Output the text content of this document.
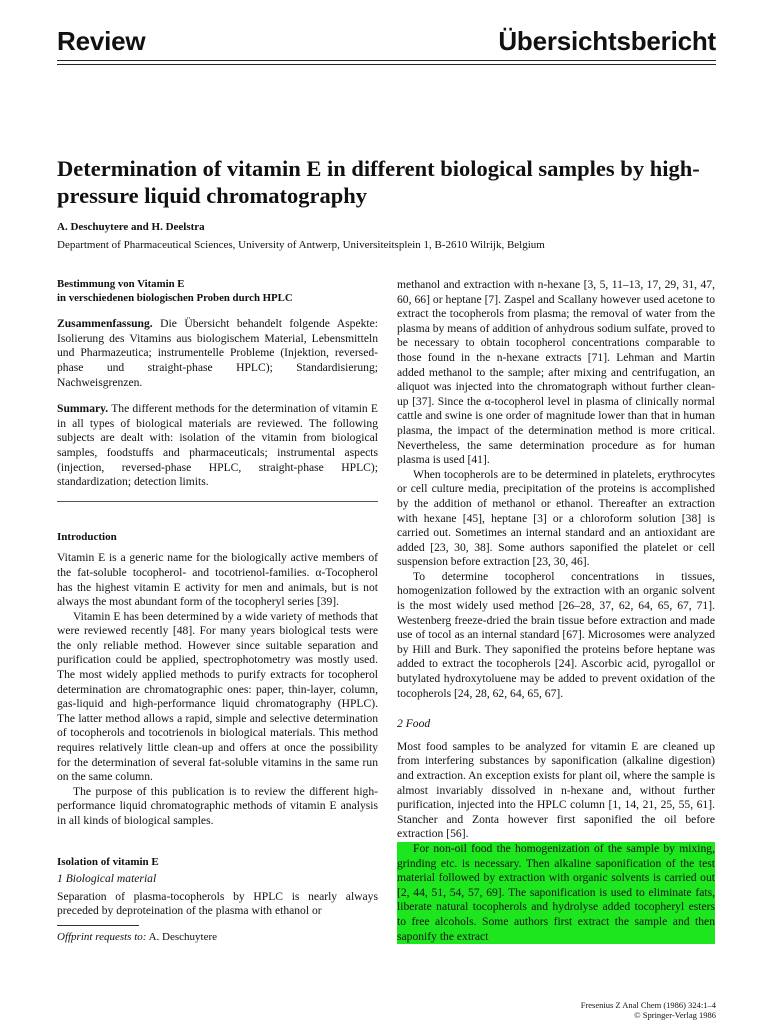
Review	Übersichtsbericht
Determination of vitamin E in different biological samples by high-pressure liquid chromatography
A. Deschuytere and H. Deelstra
Department of Pharmaceutical Sciences, University of Antwerp, Universiteitsplein 1, B-2610 Wilrijk, Belgium

Bestimmung von Vitamin E

in verschiedenen biologischen Proben durch HPLC

Zusammenfassung. Die Übersicht behandelt folgende Aspekte: Isolierung des Vitamins aus biologischem Material, Lebensmitteln und Pharmazeutica; instrumentelle Probleme (Injektion, reversed-phase und straight-phase HPLC); Standardisierung; Nachweisgrenzen.

Summary. The different methods for the determination of vitamin E in all types of biological materials are reviewed. The following subjects are dealt with: isolation of the vitamin from biological samples, foodstuffs and pharmaceuticals; instrumental aspects (injection, reversed-phase HPLC, straight-phase HPLC); standardization; detection limits.

Introduction

Vitamin E is a generic name for the biologically active members of the fat-soluble tocopherol- and tocotrienol-families. α-Tocopherol has the highest vitamin E activity for men and animals, but is not always the most abundant form of the tocopheryl series [39].

Vitamin E has been determined by a wide variety of methods that were reviewed recently [48]. For many years biological tests were the only reliable method. However since suitable separation and purification could be applied, spectrophotometry was mostly used. The most widely applied methods to purify extracts for tocopherol determination are chromatographic ones: paper, thin-layer, column, gas-liquid and high-performance liquid chromatography (HPLC). The latter method allows a rapid, simple and selective determination of tocopherols and tocotrienols in biological materials. This method requires relatively little clean-up and offers at once the possibility for the determination of several fat-soluble vitamins in the same run on the same column.

The purpose of this publication is to review the different high-performance liquid chromatographic methods of vitamin E analysis in all kinds of biological samples.

Isolation of vitamin E

1 Biological material

Separation of plasma-tocopherols by HPLC is nearly always preceded by deproteination of the plasma with ethanol or

Offprint requests to: A. Deschuytere

methanol and extraction with n-hexane [3, 5, 11–13, 17, 29, 31, 47, 60, 66] or heptane [7]. Zaspel and Scallany however used acetone to extract the tocopherols from plasma; the removal of water from the plasma by means of addition of anhydrous sodium sulfate, proved to be necessary to obtain tocopherol concentrations comparable to those found in the n-hexane extracts [71]. Lehman and Martin added methanol to the sample; after mixing and centrifugation, an aliquot was injected into the chromatograph without further clean-up [37]. Since the α-tocopherol level in plasma of clinically normal cattle and swine is one order of magnitude lower than that in human plasma, the impact of the determination method is more critical. Nevertheless, the same determination procedure as for human plasma is used [41].

When tocopherols are to be determined in platelets, erythrocytes or cell culture media, precipitation of the proteins is accomplished by the addition of methanol or ethanol. Thereafter an extraction with hexane [45], heptane [3] or a chloroform solution [38] is carried out. Sometimes an internal standard and an antioxidant are added [23, 30, 38]. Some authors saponified the platelet or cell suspension before extraction [23, 30, 46].

To determine tocopherol concentrations in tissues, homogenization followed by the extraction with an organic solvent is the most widely used method [26–28, 37, 62, 64, 65, 67, 71]. Westenberg freeze-dried the brain tissue before extraction and made use of tocol as an internal standard [67]. Microsomes were analyzed by Hill and Burk. They saponified the proteins before heptane was added to extract the tocopherols [24]. Ascorbic acid, pyrogallol or butylated hydroxytoluene may be added to prevent oxidation of the tocopherols [24, 28, 62, 64, 65, 67].

2 Food

Most food samples to be analyzed for vitamin E are cleaned up from interfering substances by saponification (alkaline digestion) and extraction. An exception exists for plant oil, where the sample is almost invariably dissolved in n-hexane and, without further purification, injected into the HPLC column [1, 14, 21, 25, 55, 61]. Stancher and Zonta however first saponified the oil before extraction [56].

For non-oil food the homogenization of the sample by mixing, grinding etc. is necessary. Then alkaline saponification of the test material followed by extraction with organic solvents is carried out [2, 44, 51, 54, 57, 69]. The saponification is used to eliminate fats, liberate natural tocopherols and hydrolyse added tocopheryl esters to free alcohols. Some authors first extract the sample and then saponify the extract

Fresenius Z Anal Chem (1986) 324:1–4
© Springer-Verlag 1986
